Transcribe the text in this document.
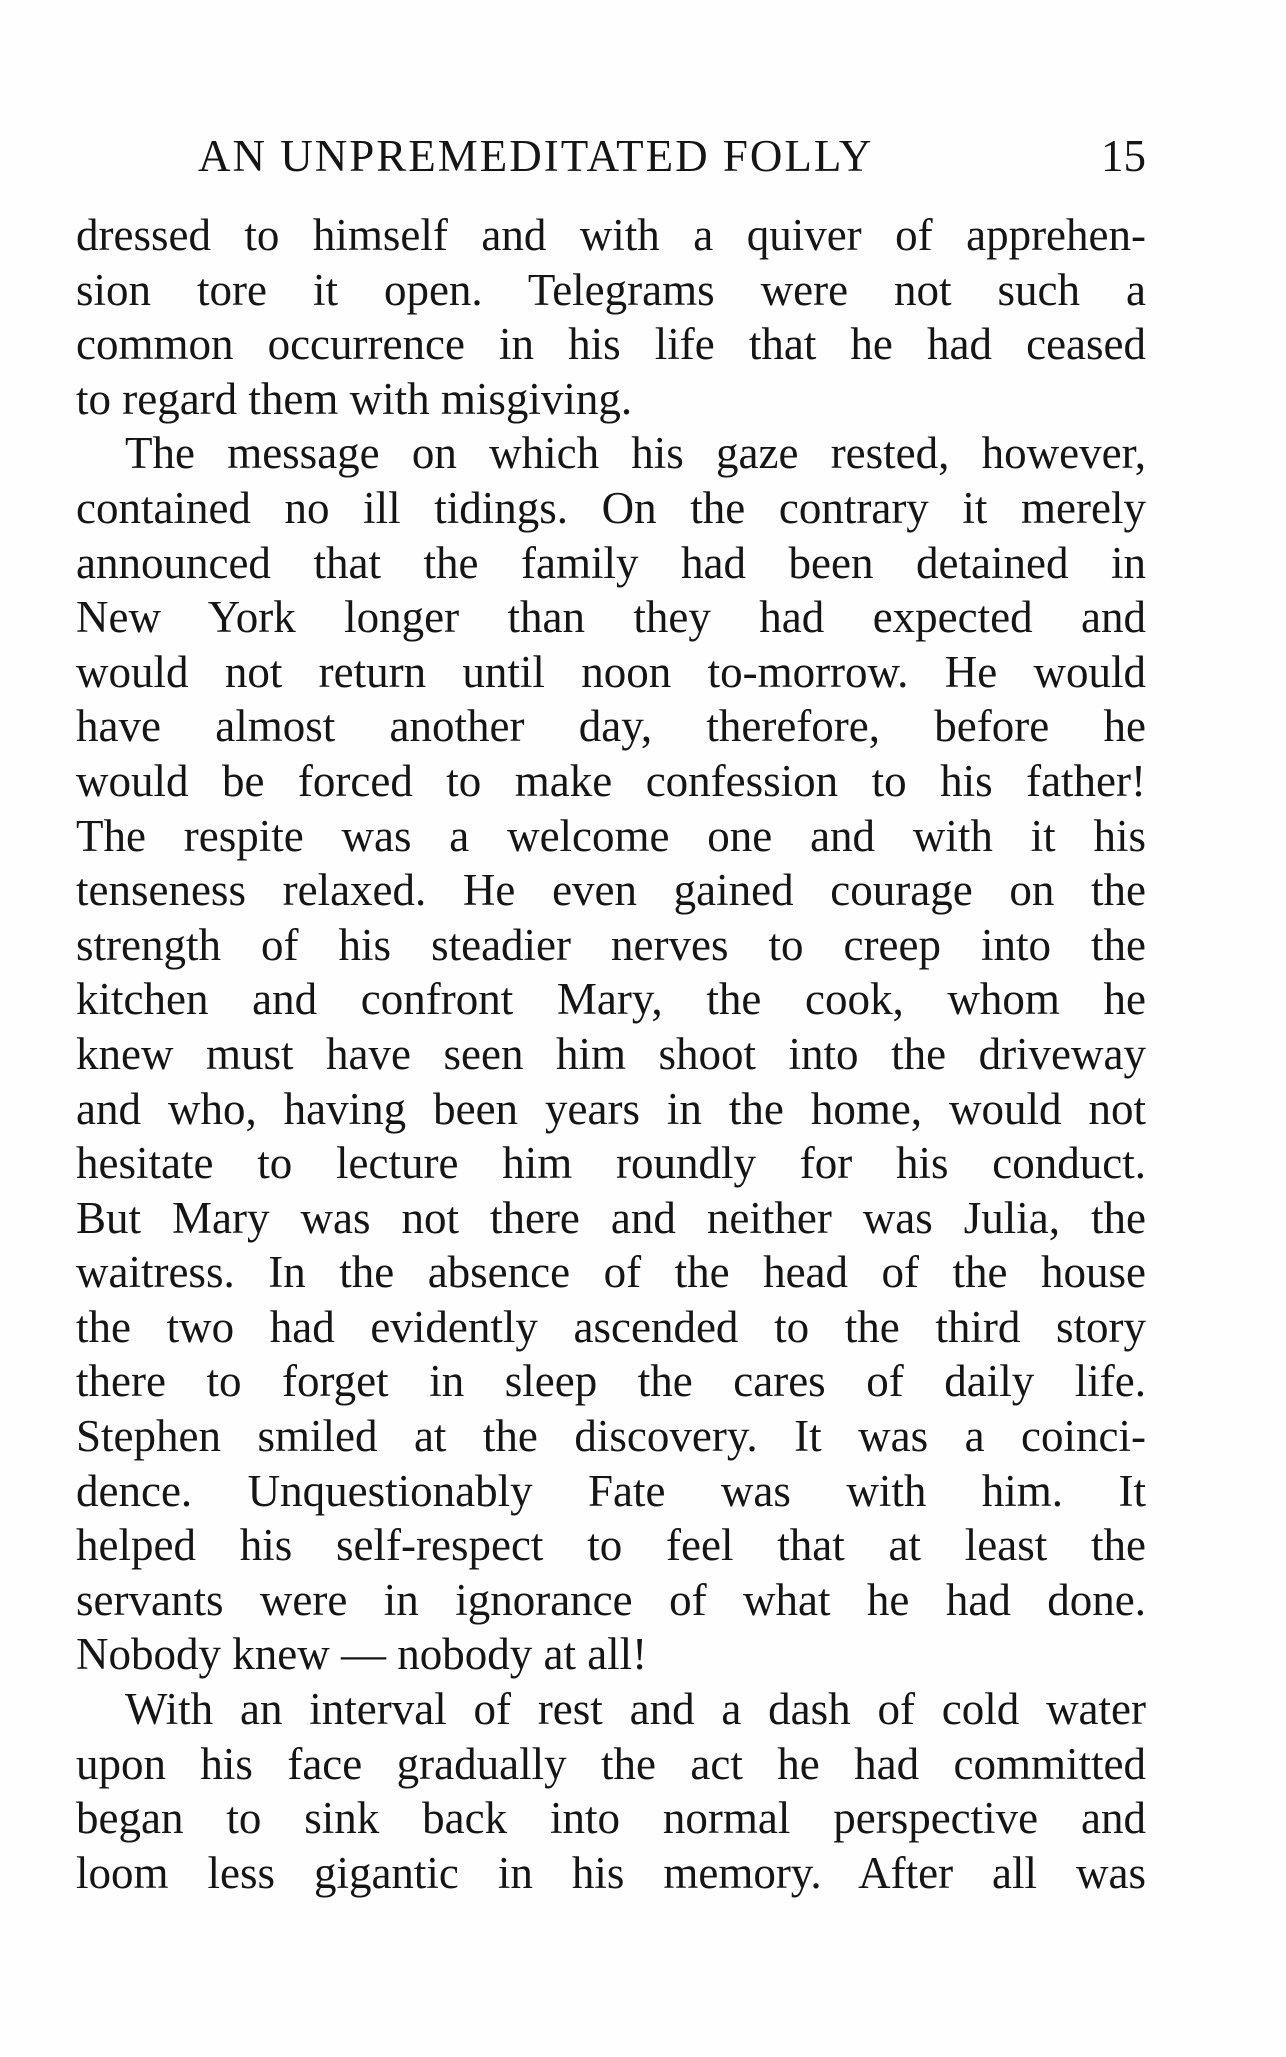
AN UNPREMEDITATED FOLLY	15
dressed to himself and with a quiver of apprehen-
sion tore it open. Telegrams were not such a
common occurrence in his life that he had ceased
to regard them with misgiving.
The message on which his gaze rested, however,
contained no ill tidings. On the contrary it merely
announced that the family had been detained in
New York longer than they had expected and
would not return until noon to-morrow. He would
have almost another day, therefore, before he
would be forced to make confession to his father!
The respite was a welcome one and with it his
tenseness relaxed. He even gained courage on the
strength of his steadier nerves to creep into the
kitchen and confront Mary, the cook, whom he
knew must have seen him shoot into the driveway
and who, having been years in the home, would not
hesitate to lecture him roundly for his conduct.
But Mary was not there and neither was Julia, the
waitress. In the absence of the head of the house
the two had evidently ascended to the third story
there to forget in sleep the cares of daily life.
Stephen smiled at the discovery. It was a coinci-
dence. Unquestionably Fate was with him. It
helped his self-respect to feel that at least the
servants were in ignorance of what he had done.
Nobody knew — nobody at all!
With an interval of rest and a dash of cold water
upon his face gradually the act he had committed
began to sink back into normal perspective and
loom less gigantic in his memory. After all was
